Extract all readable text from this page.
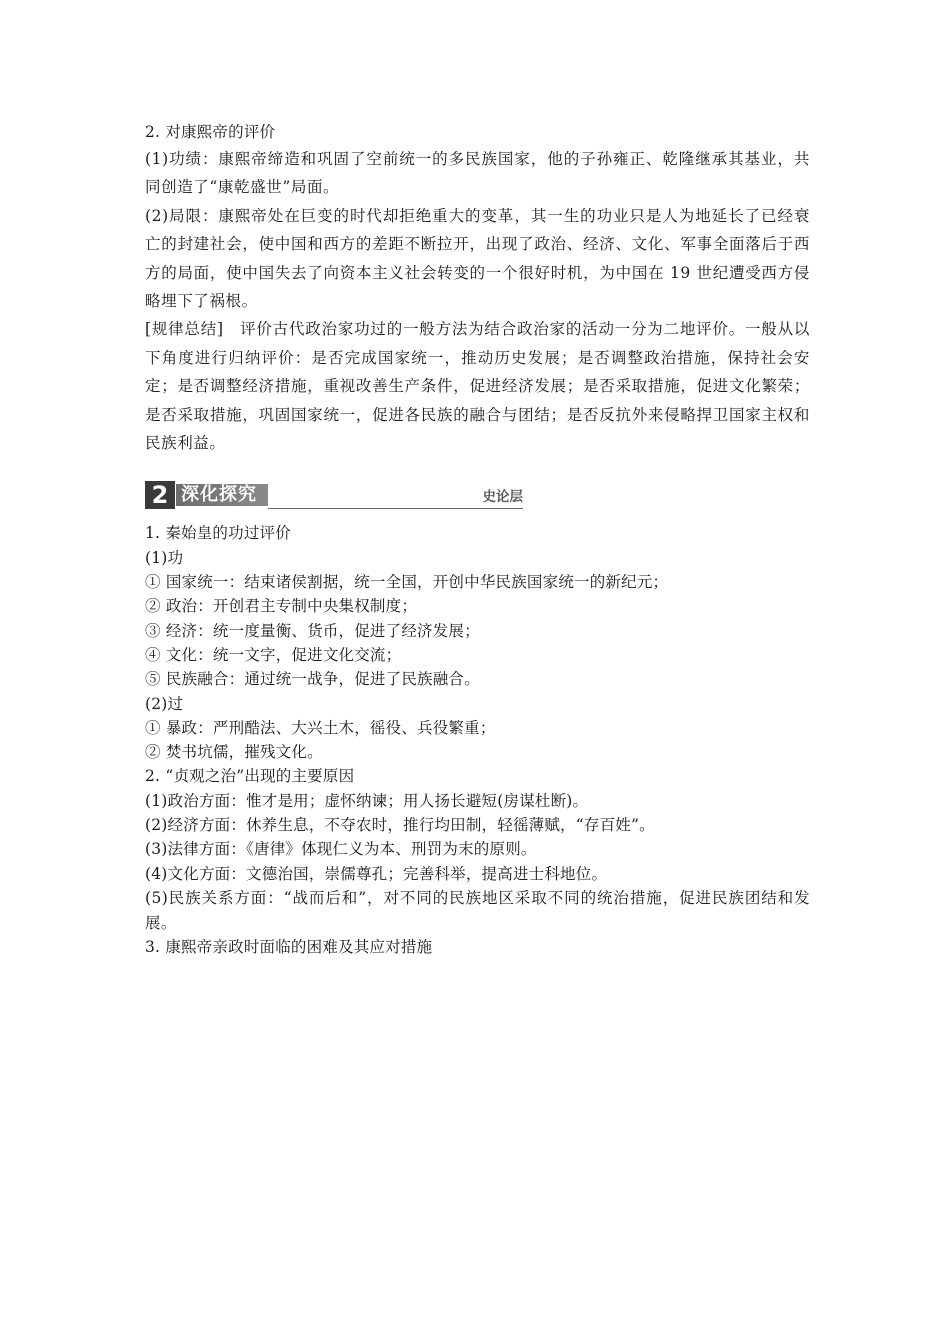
2. 对康熙帝的评价
(1)功绩：康熙帝缔造和巩固了空前统一的多民族国家，他的子孙雍正、乾隆继承其基业，共同创造了“康乾盛世”局面。
(2)局限：康熙帝处在巨变的时代却拒绝重大的变革，其一生的功业只是人为地延长了已经衰亡的封建社会，使中国和西方的差距不断拉开，出现了政治、经济、文化、军事全面落后于西方的局面，使中国失去了向资本主义社会转变的一个很好时机，为中国在 19 世纪遭受西方侵略埋下了祸根。
[规律总结]　评价古代政治家功过的一般方法为结合政治家的活动一分为二地评价。一般从以下角度进行归纳评价：是否完成国家统一，推动历史发展；是否调整政治措施，保持社会安定；是否调整经济措施，重视改善生产条件，促进经济发展；是否采取措施，促进文化繁荣；是否采取措施，巩固国家统一，促进各民族的融合与团结；是否反抗外来侵略捍卫国家主权和民族利益。
2 深化探究	史论层
1. 秦始皇的功过评价
(1)功
① 国家统一：结束诸侯割据，统一全国，开创中华民族国家统一的新纪元；
② 政治：开创君主专制中央集权制度；
③ 经济：统一度量衡、货币，促进了经济发展；
④ 文化：统一文字，促进文化交流；
⑤ 民族融合：通过统一战争，促进了民族融合。
(2)过
① 暴政：严刑酷法、大兴土木，徭役、兵役繁重；
② 焚书坑儒，摧残文化。
2. “贞观之治”出现的主要原因
(1)政治方面：惟才是用；虚怀纳谏；用人扬长避短(房谋杜断)。
(2)经济方面：休养生息，不夺农时，推行均田制，轻徭薄赋，“存百姓”。
(3)法律方面：《唐律》体现仁义为本、刑罚为末的原则。
(4)文化方面：文德治国，崇儒尊孔；完善科举，提高进士科地位。
(5)民族关系方面：“战而后和”，对不同的民族地区采取不同的统治措施，促进民族团结和发展。
3. 康熙帝亲政时面临的困难及其应对措施
